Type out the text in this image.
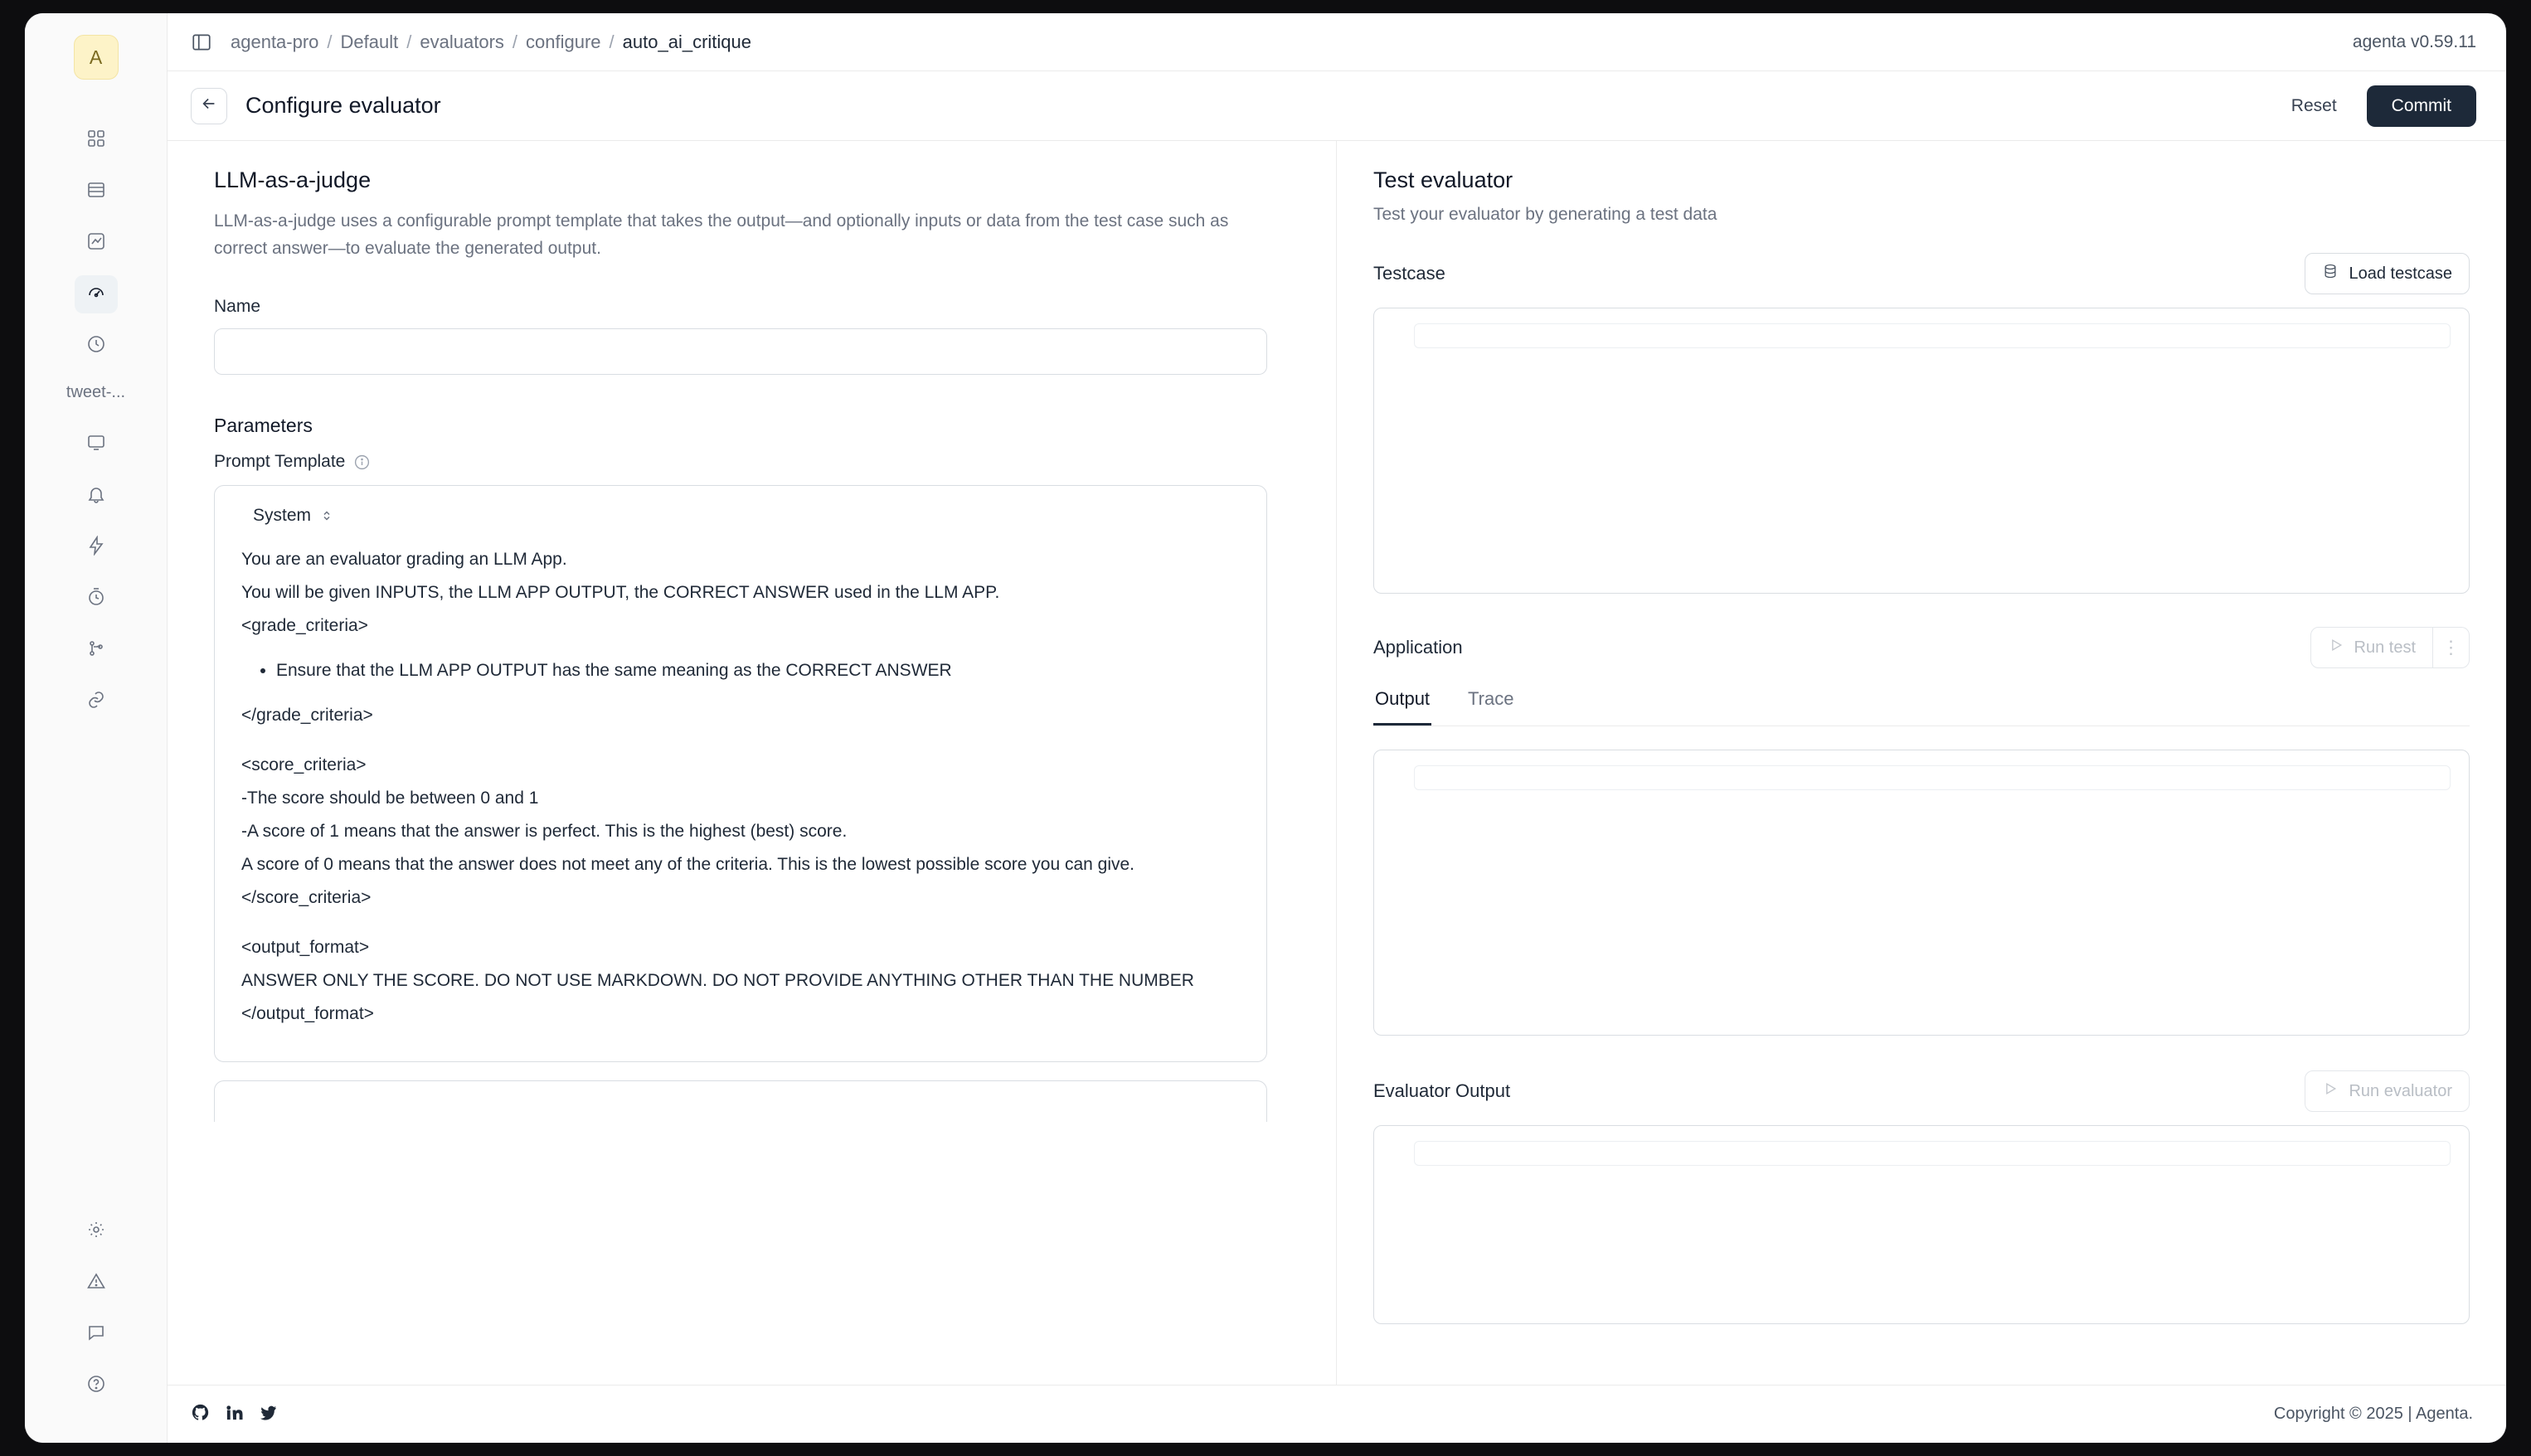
A
tweet-...
agenta-pro / Default / evaluators / configure / auto_ai_critique	agenta v0.59.11
Configure evaluator	Reset	Commit
LLM-as-a-judge
LLM-as-a-judge uses a configurable prompt template that takes the output—and optionally inputs or data from the test case such as correct answer—to evaluate the generated output.
Name
Parameters
Prompt Template
System

You are an evaluator grading an LLM App.

You will be given INPUTS, the LLM APP OUTPUT, the CORRECT ANSWER used in the LLM APP.

<grade_criteria>

• Ensure that the LLM APP OUTPUT has the same meaning as the CORRECT ANSWER

</grade_criteria>

<score_criteria>

-The score should be between 0 and 1

-A score of 1 means that the answer is perfect. This is the highest (best) score.

A score of 0 means that the answer does not meet any of the criteria. This is the lowest possible score you can give.

</score_criteria>

<output_format>

ANSWER ONLY THE SCORE. DO NOT USE MARKDOWN. DO NOT PROVIDE ANYTHING OTHER THAN THE NUMBER

</output_format>

Test evaluator
Test your evaluator by generating a test data
Testcase	Load testcase
Application	Run test	⋮
Output Trace
Evaluator Output	Run evaluator
Copyright © 2025 | Agenta.
